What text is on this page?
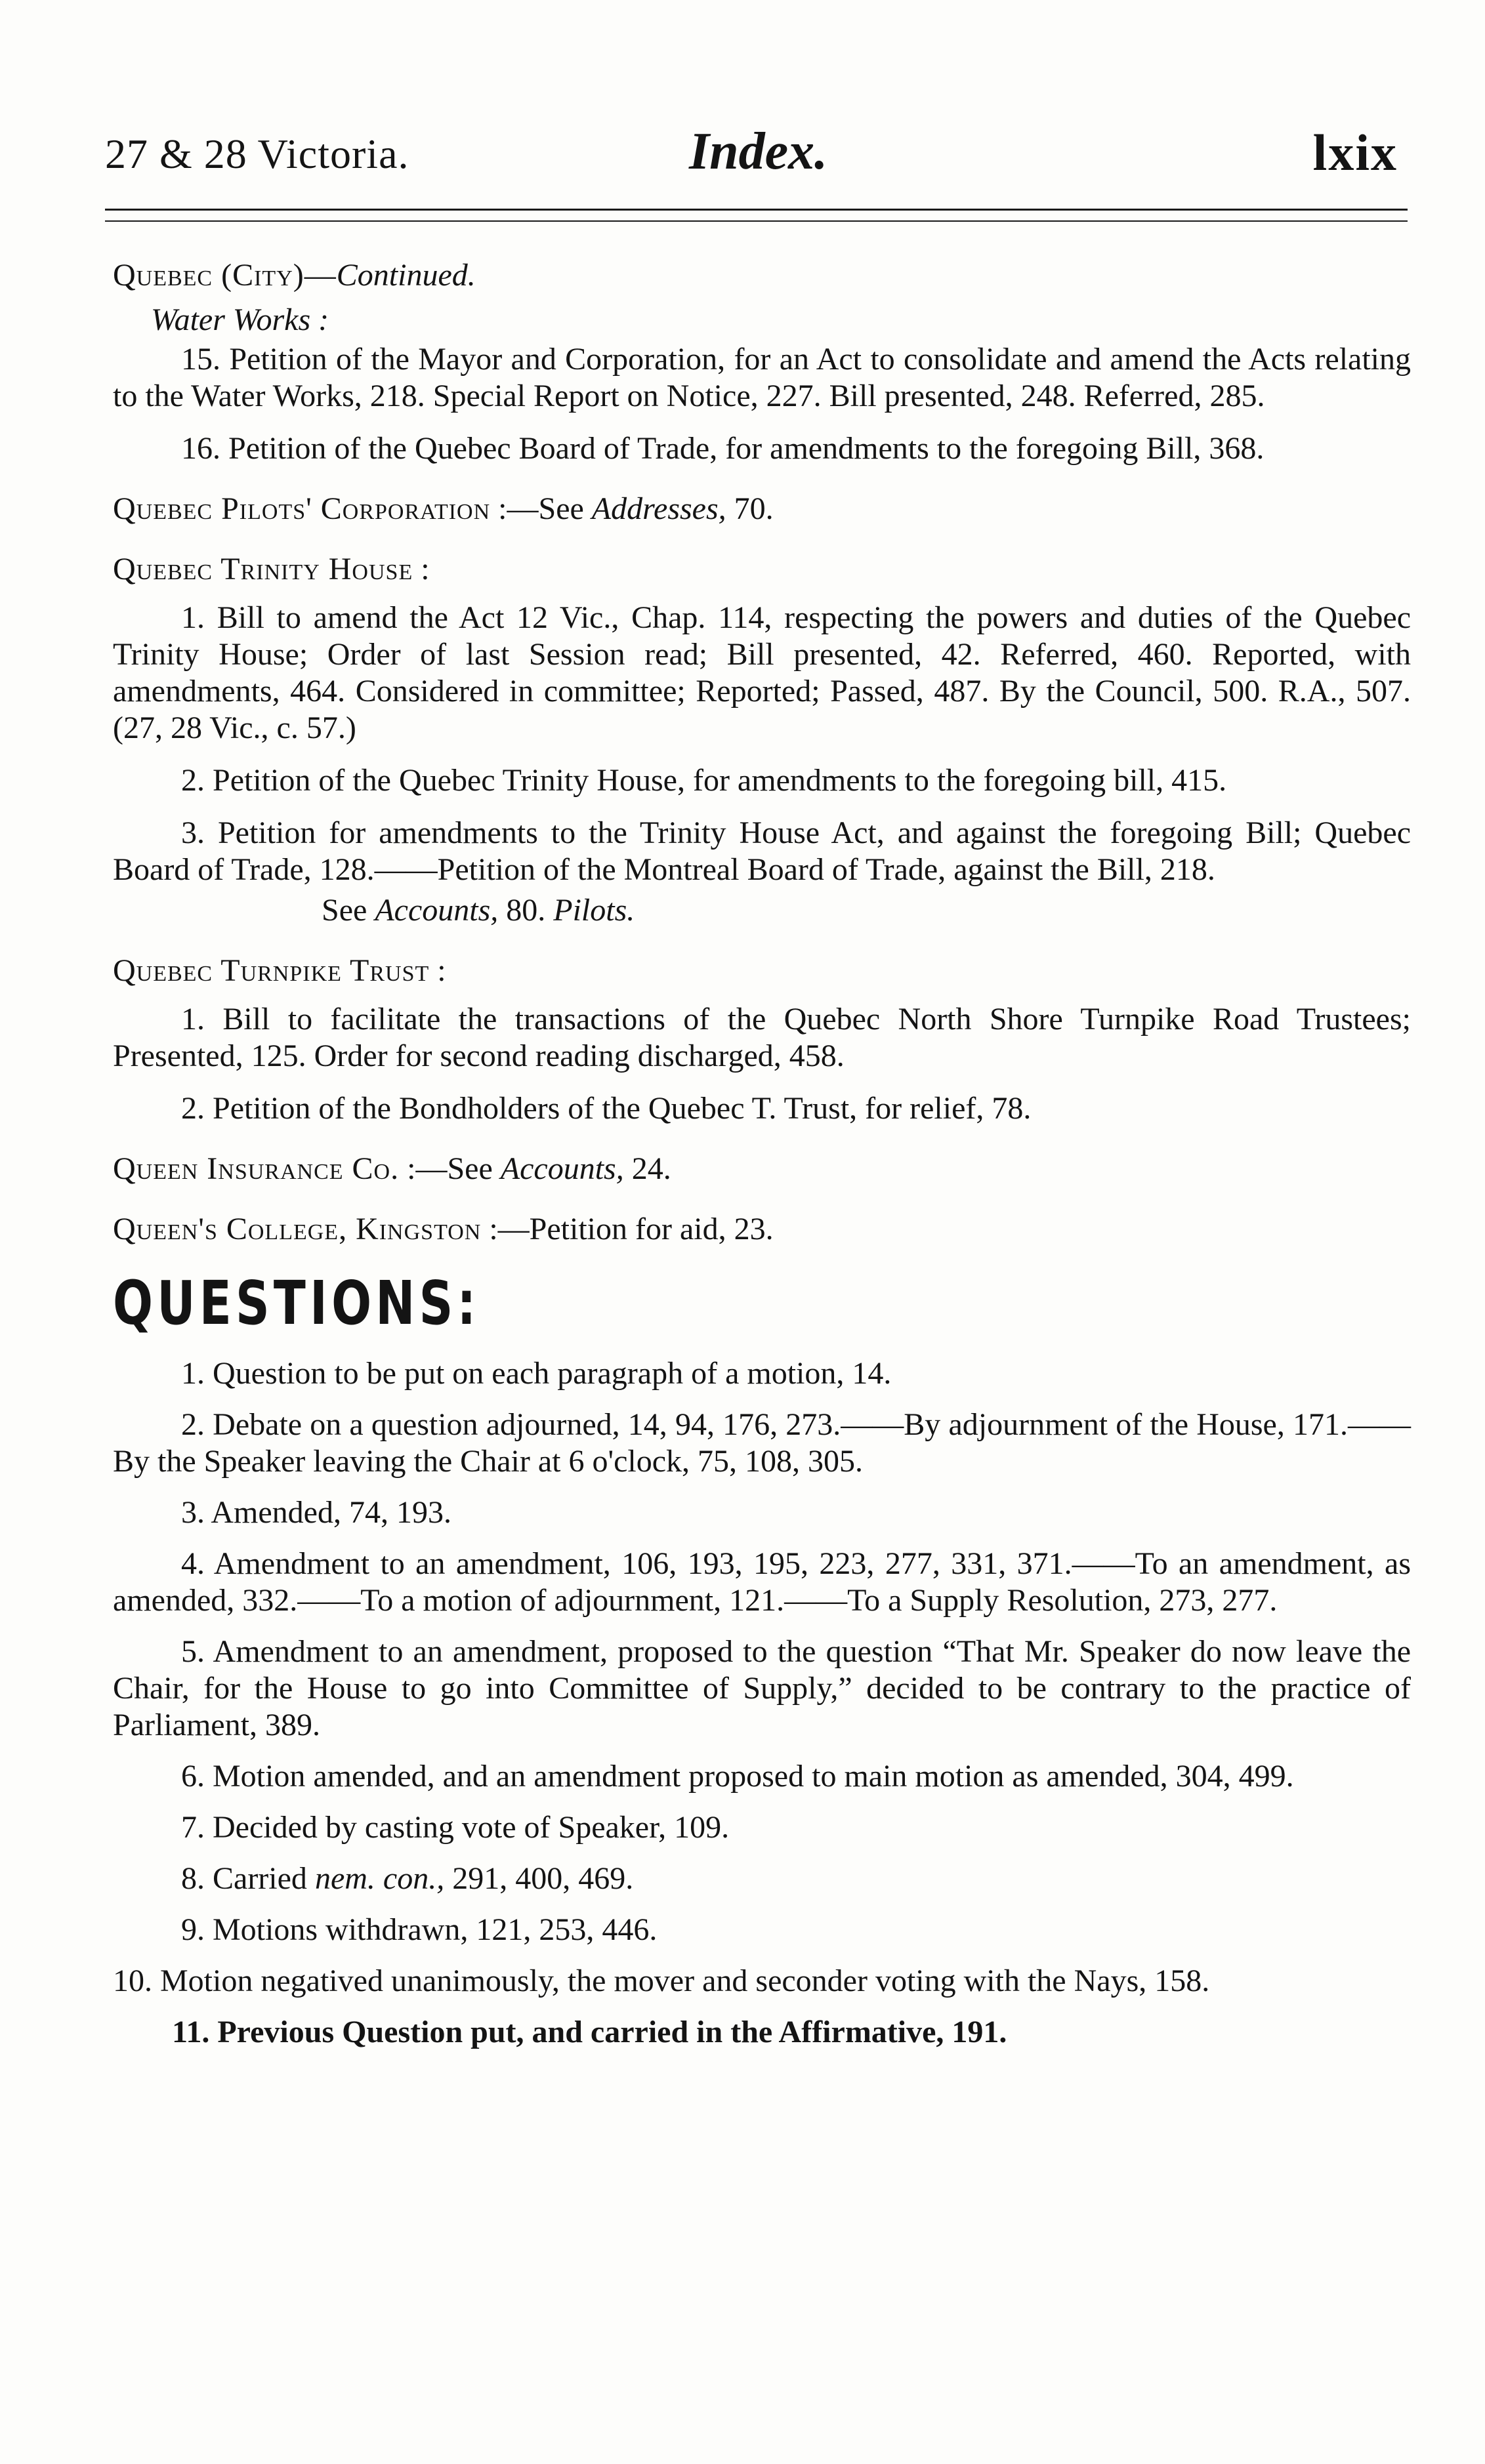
27 & 28 Victoria.	Index.	lxix
Quebec (City)—Continued.
Water Works :

15. Petition of the Mayor and Corporation, for an Act to consolidate and amend the Acts relating to the Water Works, 218. Special Report on Notice, 227. Bill presented, 248. Referred, 285.

16. Petition of the Quebec Board of Trade, for amendments to the foregoing Bill, 368.

Quebec Pilots' Corporation :—See Addresses, 70.
Quebec Trinity House :

1. Bill to amend the Act 12 Vic., Chap. 114, respecting the powers and duties of the Quebec Trinity House; Order of last Session read; Bill presented, 42. Referred, 460. Reported, with amendments, 464. Considered in committee; Reported; Passed, 487. By the Council, 500. R.A., 507. (27, 28 Vic., c. 57.)

2. Petition of the Quebec Trinity House, for amendments to the foregoing bill, 415.

3. Petition for amendments to the Trinity House Act, and against the foregoing Bill; Quebec Board of Trade, 128.——Petition of the Montreal Board of Trade, against the Bill, 218.

See Accounts, 80. Pilots.
Quebec Turnpike Trust :

1. Bill to facilitate the transactions of the Quebec North Shore Turnpike Road Trustees; Presented, 125. Order for second reading discharged, 458.

2. Petition of the Bondholders of the Quebec T. Trust, for relief, 78.

Queen Insurance Co. :—See Accounts, 24.
Queen's College, Kingston :—Petition for aid, 23.
QUESTIONS:

1. Question to be put on each paragraph of a motion, 14.

2. Debate on a question adjourned, 14, 94, 176, 273.——By adjournment of the House, 171.——By the Speaker leaving the Chair at 6 o'clock, 75, 108, 305.

3. Amended, 74, 193.

4. Amendment to an amendment, 106, 193, 195, 223, 277, 331, 371.——To an amendment, as amended, 332.——To a motion of adjournment, 121.——To a Supply Resolution, 273, 277.

5. Amendment to an amendment, proposed to the question “That Mr. Speaker do now leave the Chair, for the House to go into Committee of Supply,” decided to be contrary to the practice of Parliament, 389.

6. Motion amended, and an amendment proposed to main motion as amended, 304, 499.

7. Decided by casting vote of Speaker, 109.

8. Carried nem. con., 291, 400, 469.

9. Motions withdrawn, 121, 253, 446.

10. Motion negatived unanimously, the mover and seconder voting with the Nays, 158.

11. Previous Question put, and carried in the Affirmative, 191.
